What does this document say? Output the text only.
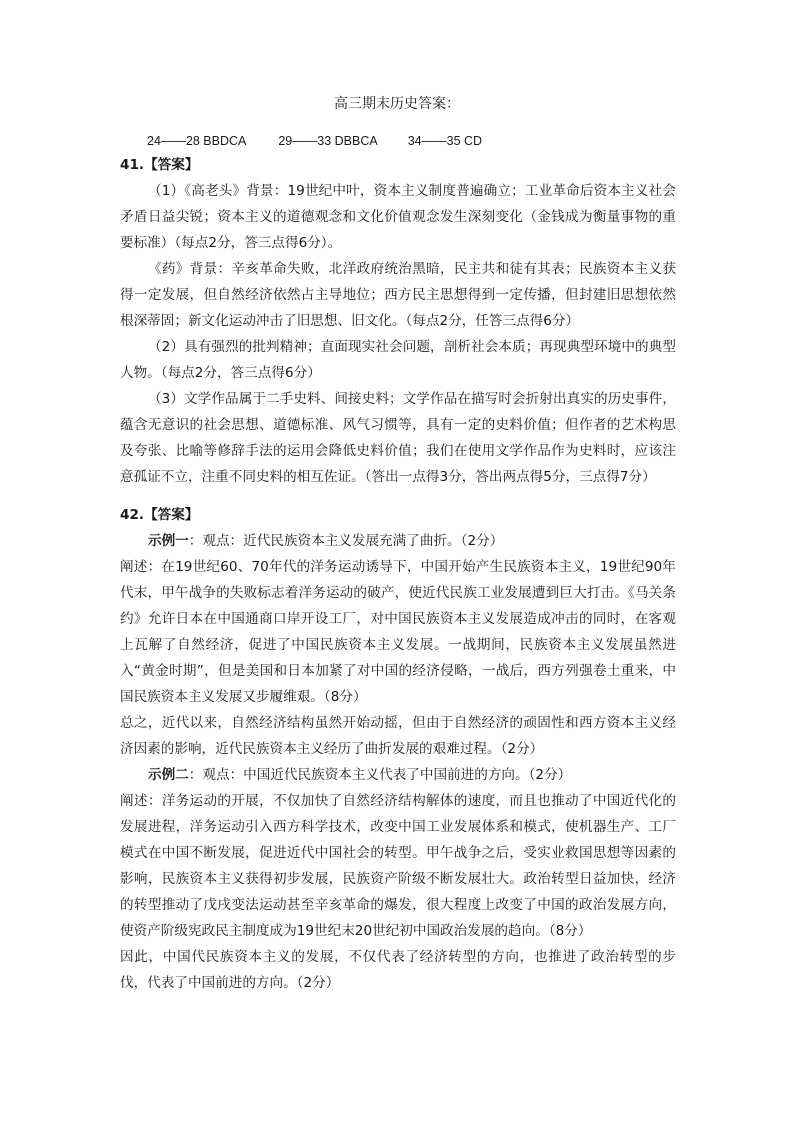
高三期末历史答案：
24——28 BBDCA	29——33 DBBCA 34——35 CD

41.【答案】

（1）《高老头》背景：19世纪中叶，资本主义制度普遍确立；工业革命后资本主义社会矛盾日益尖锐；资本主义的道德观念和文化价值观念发生深刻变化（金钱成为衡量事物的重要标准）（每点2分，答三点得6分）。

《药》背景：辛亥革命失败，北洋政府统治黑暗，民主共和徒有其表；民族资本主义获得一定发展，但自然经济依然占主导地位；西方民主思想得到一定传播，但封建旧思想依然根深蒂固；新文化运动冲击了旧思想、旧文化。（每点2分，任答三点得6分）

（2）具有强烈的批判精神；直面现实社会问题，剖析社会本质；再现典型环境中的典型人物。（每点2分，答三点得6分）

（3）文学作品属于二手史料、间接史料；文学作品在描写时会折射出真实的历史事件，蕴含无意识的社会思想、道德标准、风气习惯等，具有一定的史料价值；但作者的艺术构思及夸张、比喻等修辞手法的运用会降低史料价值；我们在使用文学作品作为史料时，应该注意孤证不立，注重不同史料的相互佐证。（答出一点得3分，答出两点得5分，三点得7分）

42.【答案】

示例一：观点：近代民族资本主义发展充满了曲折。（2分）

阐述：在19世纪60、70年代的洋务运动诱导下，中国开始产生民族资本主义，19世纪90年代末，甲午战争的失败标志着洋务运动的破产，使近代民族工业发展遭到巨大打击。《马关条约》允许日本在中国通商口岸开设工厂，对中国民族资本主义发展造成冲击的同时，在客观上瓦解了自然经济，促进了中国民族资本主义发展。一战期间，民族资本主义发展虽然进入“黄金时期”，但是美国和日本加紧了对中国的经济侵略，一战后，西方列强卷土重来，中国民族资本主义发展又步履维艰。（8分）

总之，近代以来，自然经济结构虽然开始动摇，但由于自然经济的顽固性和西方资本主义经济因素的影响，近代民族资本主义经历了曲折发展的艰难过程。（2分）

示例二：观点：中国近代民族资本主义代表了中国前进的方向。（2分）

阐述：洋务运动的开展，不仅加快了自然经济结构解体的速度，而且也推动了中国近代化的发展进程，洋务运动引入西方科学技术，改变中国工业发展体系和模式，使机器生产、工厂模式在中国不断发展，促进近代中国社会的转型。甲午战争之后，受实业救国思想等因素的影响，民族资本主义获得初步发展，民族资产阶级不断发展壮大。政治转型日益加快，经济的转型推动了戊戌变法运动甚至辛亥革命的爆发，很大程度上改变了中国的政治发展方向，使资产阶级宪政民主制度成为19世纪末20世纪初中国政治发展的趋向。（8分）

因此，中国代民族资本主义的发展，不仅代表了经济转型的方向，也推进了政治转型的步伐，代表了中国前进的方向。（2分）
